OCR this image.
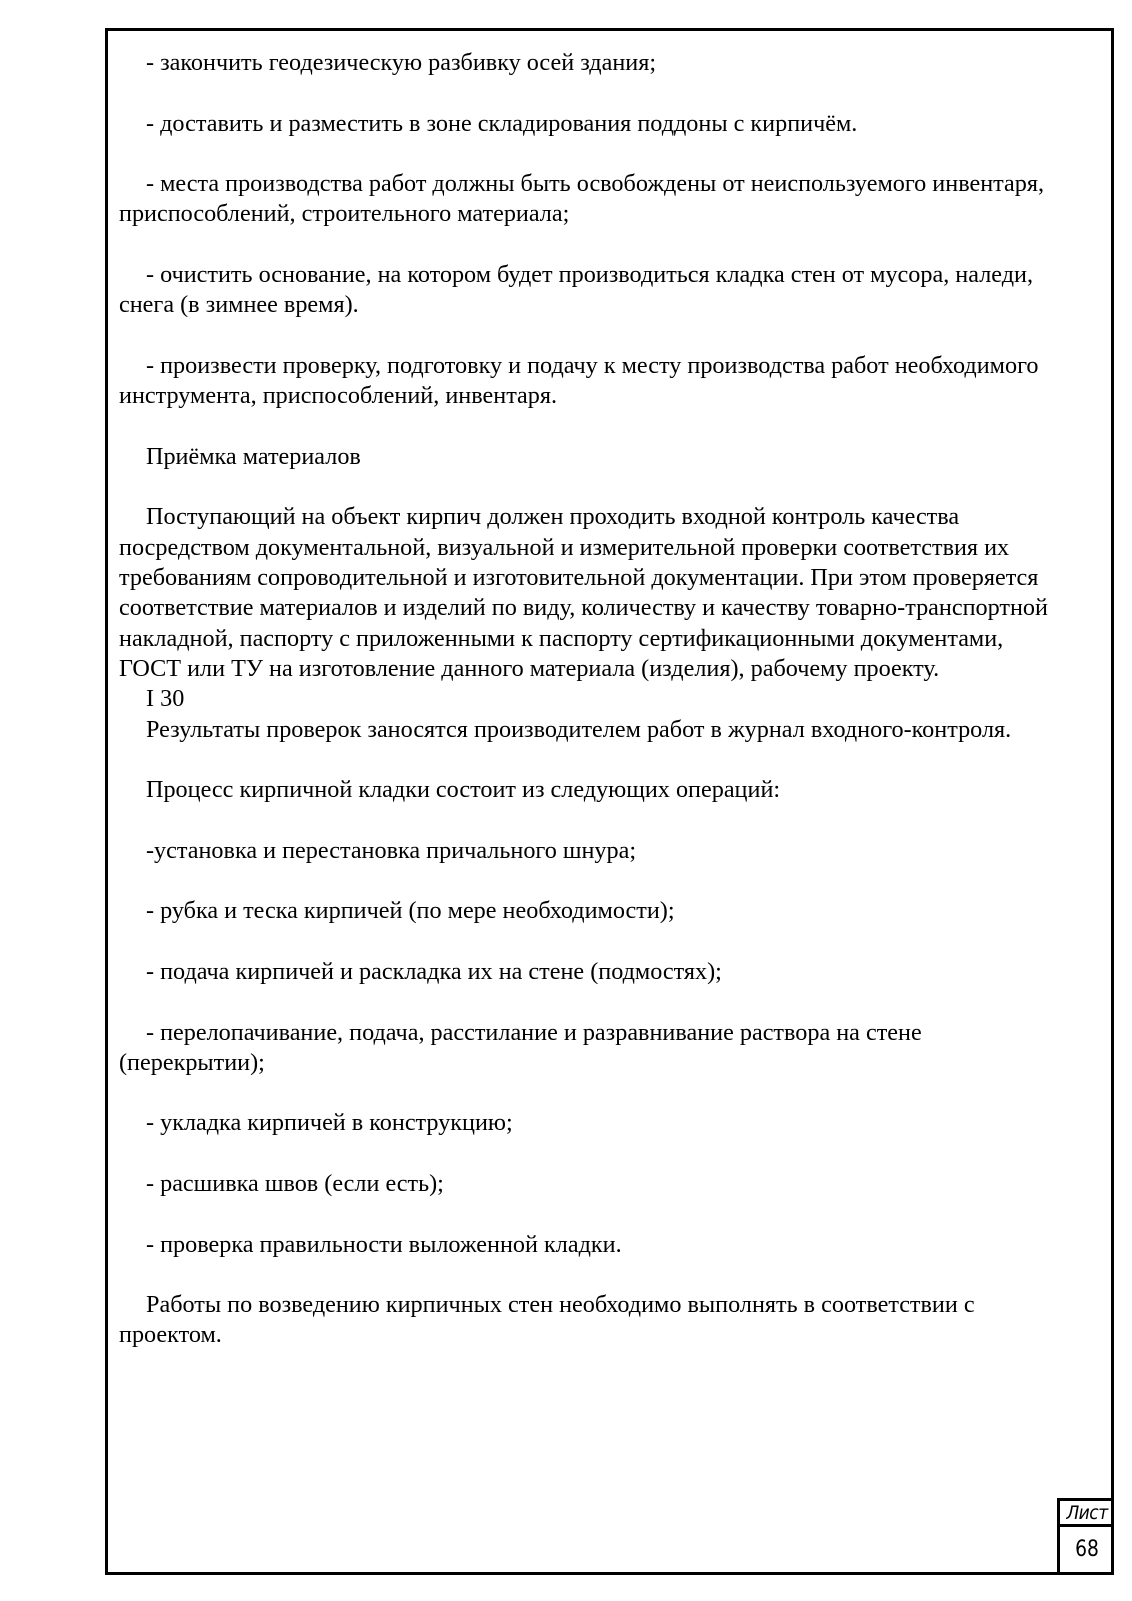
- закончить геодезическую разбивку осей здания;

- доставить и разместить в зоне складирования поддоны с кирпичём.

- места производства работ должны быть освобождены от неиспользуемого инвентаря, приспособлений, строительного материала;

- очистить основание, на котором будет производиться кладка стен от мусора, наледи, снега (в зимнее время).

- произвести проверку, подготовку и подачу к месту производства работ необходимого инструмента, приспособлений, инвентаря.

Приёмка материалов

Поступающий на объект кирпич должен проходить входной контроль качества посредством документальной, визуальной и измерительной проверки соответствия их требованиям сопроводительной и изготовительной документации. При этом проверяется соответствие материалов и изделий по виду, количеству и качеству товарно-транспортной накладной, паспорту с приложенными к паспорту сертификационными документами, ГОСТ или ТУ на изготовление данного материала (изделия), рабочему проекту.

I 30

Результаты проверок заносятся производителем работ в журнал входного-контроля.

Процесс кирпичной кладки состоит из следующих операций:

-установка и перестановка причального шнура;

- рубка и теска кирпичей (по мере необходимости);

- подача кирпичей и раскладка их на стене (подмостях);

- перелопачивание, подача, расстилание и разравнивание раствора на стене (перекрытии);

- укладка кирпичей в конструкцию;

- расшивка швов (если есть);

- проверка правильности выложенной кладки.

Работы по возведению кирпичных стен необходимо выполнять в соответствии с проектом.

Лист
68
